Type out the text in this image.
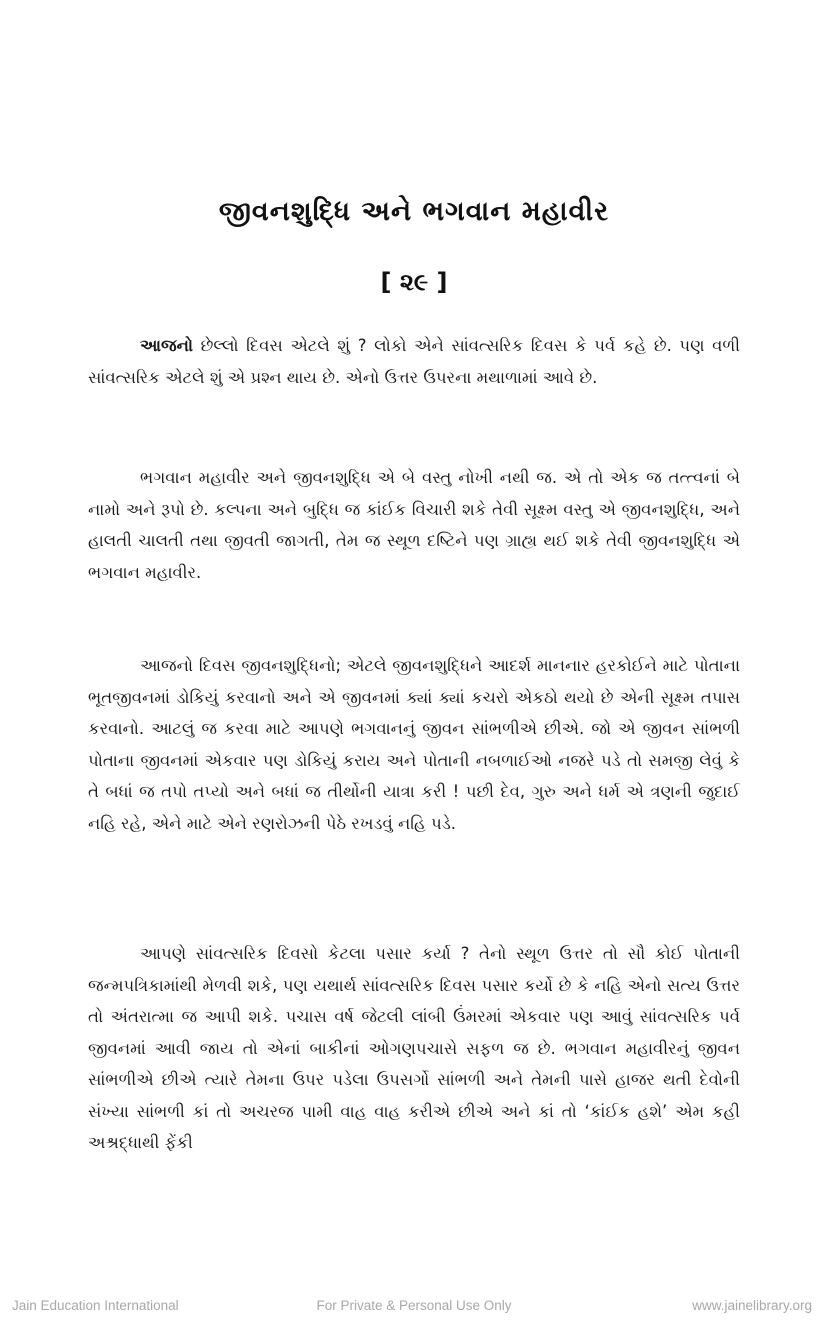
જીવનશુદ્ધિ અને ભગવાન મહાવીર
[ ૨૯ ]

આજનો છેલ્લો દિવસ એટલે શું ? લોકો એને સાંવત્સરિક દિવસ કે પર્વ કહે છે. પણ વળી સાંવત્સરિક એટલે શું એ પ્રશ્ન થાય છે. એનો ઉત્તર ઉપરના મથાળામાં આવે છે.

ભગવાન મહાવીર અને જીવનશુદ્ધિ એ બે વસ્તુ નોખી નથી જ. એ તો એક જ તત્ત્વનાં બે નામો અને રૂપો છે. કલ્પના અને બુદ્ધિ જ કાંઈક વિચારી શકે તેવી સૂક્ષ્મ વસ્તુ એ જીવનશુદ્ધિ, અને હાલતી ચાલતી તથા જીવતી જાગતી, તેમ જ સ્થૂળ દષ્ટિને પણ ગ્રાહ્ય થઈ શકે તેવી જીવનશુદ્ધિ એ ભગવાન મહાવીર.

આજનો દિવસ જીવનશુદ્ધિનો; એટલે જીવનશુદ્ધિને આદર્શ માનનાર હરકોઈને માટે પોતાના ભૂતજીવનમાં ડોકિયું કરવાનો અને એ જીવનમાં ક્યાં ક્યાં કચરો એકઠો થયો છે એની સૂક્ષ્મ તપાસ કરવાનો. આટલું જ કરવા માટે આપણે ભગવાનનું જીવન સાંભળીએ છીએ. જો એ જીવન સાંભળી પોતાના જીવનમાં એકવાર પણ ડોકિયું કરાય અને પોતાની નબળાઈઓ નજરે પડે તો સમજી લેવું કે તે બધાં જ તપો તપ્યો અને બધાં જ તીર્થોની યાત્રા કરી ! પછી દેવ, ગુરુ અને ધર્મ એ ત્રણની જુદાઈ નહિ રહે, એને માટે એને રણરોઝની પેઠે રખડવું નહિ પડે.

આપણે સાંવત્સરિક દિવસો કેટલા પસાર કર્યા ? તેનો સ્થૂળ ઉત્તર તો સૌ કોઈ પોતાની જન્મપત્રિકામાંથી મેળવી શકે, પણ યથાર્થ સાંવત્સરિક દિવસ પસાર કર્યો છે કે નહિ એનો સત્ય ઉત્તર તો અંતરાત્મા જ આપી શકે. પચાસ વર્ષ જેટલી લાંબી ઉંમરમાં એકવાર પણ આવું સાંવત્સરિક પર્વ જીવનમાં આવી જાય તો એનાં બાકીનાં ઓગણપચાસે સફળ જ છે. ભગવાન મહાવીરનું જીવન સાંભળીએ છીએ ત્યારે તેમના ઉપર પડેલા ઉપસર્ગો સાંભળી અને તેમની પાસે હાજર થતી દેવોની સંખ્યા સાંભળી કાં તો અચરજ પામી વાહ વાહ કરીએ છીએ અને કાં તો ‘કાંઈક હશે’ એમ કહી અશ્રદ્ધાથી ફેંકી

Jain Education International	For Private & Personal Use Only	www.jainelibrary.org
